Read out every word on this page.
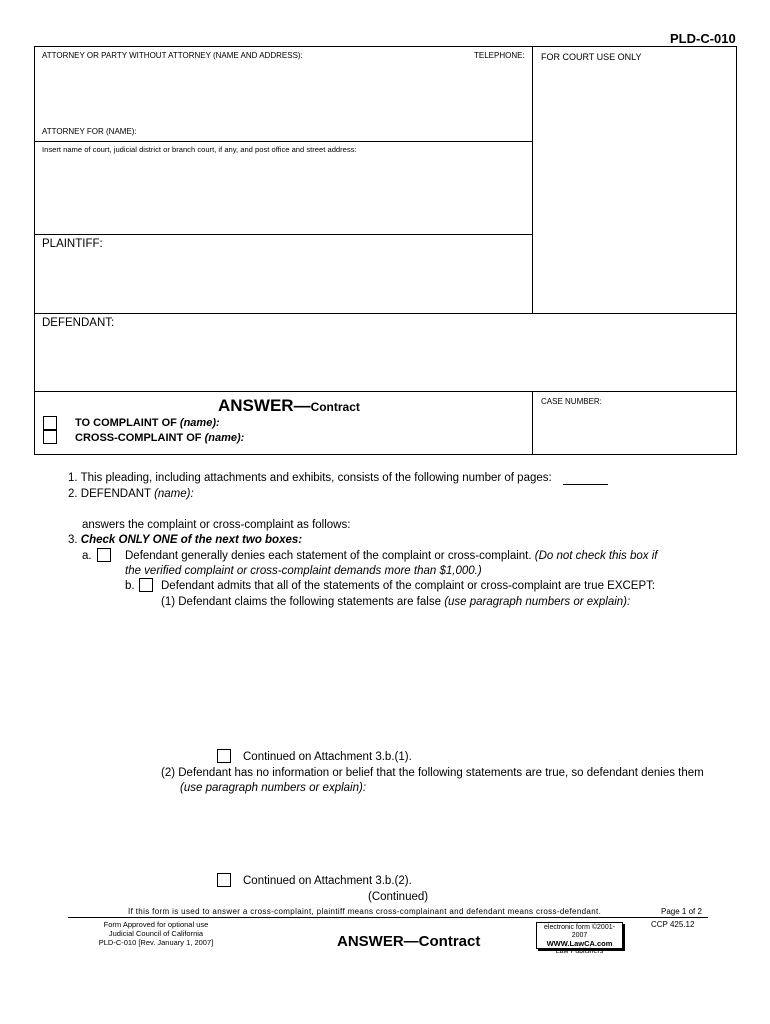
PLD-C-010
ATTORNEY OR PARTY WITHOUT ATTORNEY (NAME AND ADDRESS):	TELEPHONE: FOR COURT USE ONLY
ATTORNEY FOR (NAME):
Insert name of court, judicial district or branch court, if any, and post office and street address:
PLAINTIFF:
DEFENDANT:
ANSWER—Contract	CASE NUMBER:
TO COMPLAINT OF (name):
CROSS-COMPLAINT OF (name):
1. This pleading, including attachments and exhibits, consists of the following number of pages:
2. DEFENDANT (name):
answers the complaint or cross-complaint as follows:
3. Check ONLY ONE of the next two boxes:
a.	Defendant generally denies each statement of the complaint or cross-complaint. (Do not check this box if
the verified complaint or cross-complaint demands more than $1,000.)
b. Defendant admits that all of the statements of the complaint or cross-complaint are true EXCEPT:
(1) Defendant claims the following statements are false (use paragraph numbers or explain):
Continued on Attachment 3.b.(1).
(2) Defendant has no information or belief that the following statements are true, so defendant denies them
(use paragraph numbers or explain):
Continued on Attachment 3.b.(2).
(Continued)
If this form is used to answer a cross-complaint, plaintiff means cross-complainant and defendant means cross-defendant.	Page 1 of 2
Form Approved for optional use
Judicial Council of California
PLD-C-010 [Rev. January 1, 2007]	ANSWER—Contract
electronic form ©2001-2007
WWW.LawCA.com
Law Publishers
CCP 425.12
